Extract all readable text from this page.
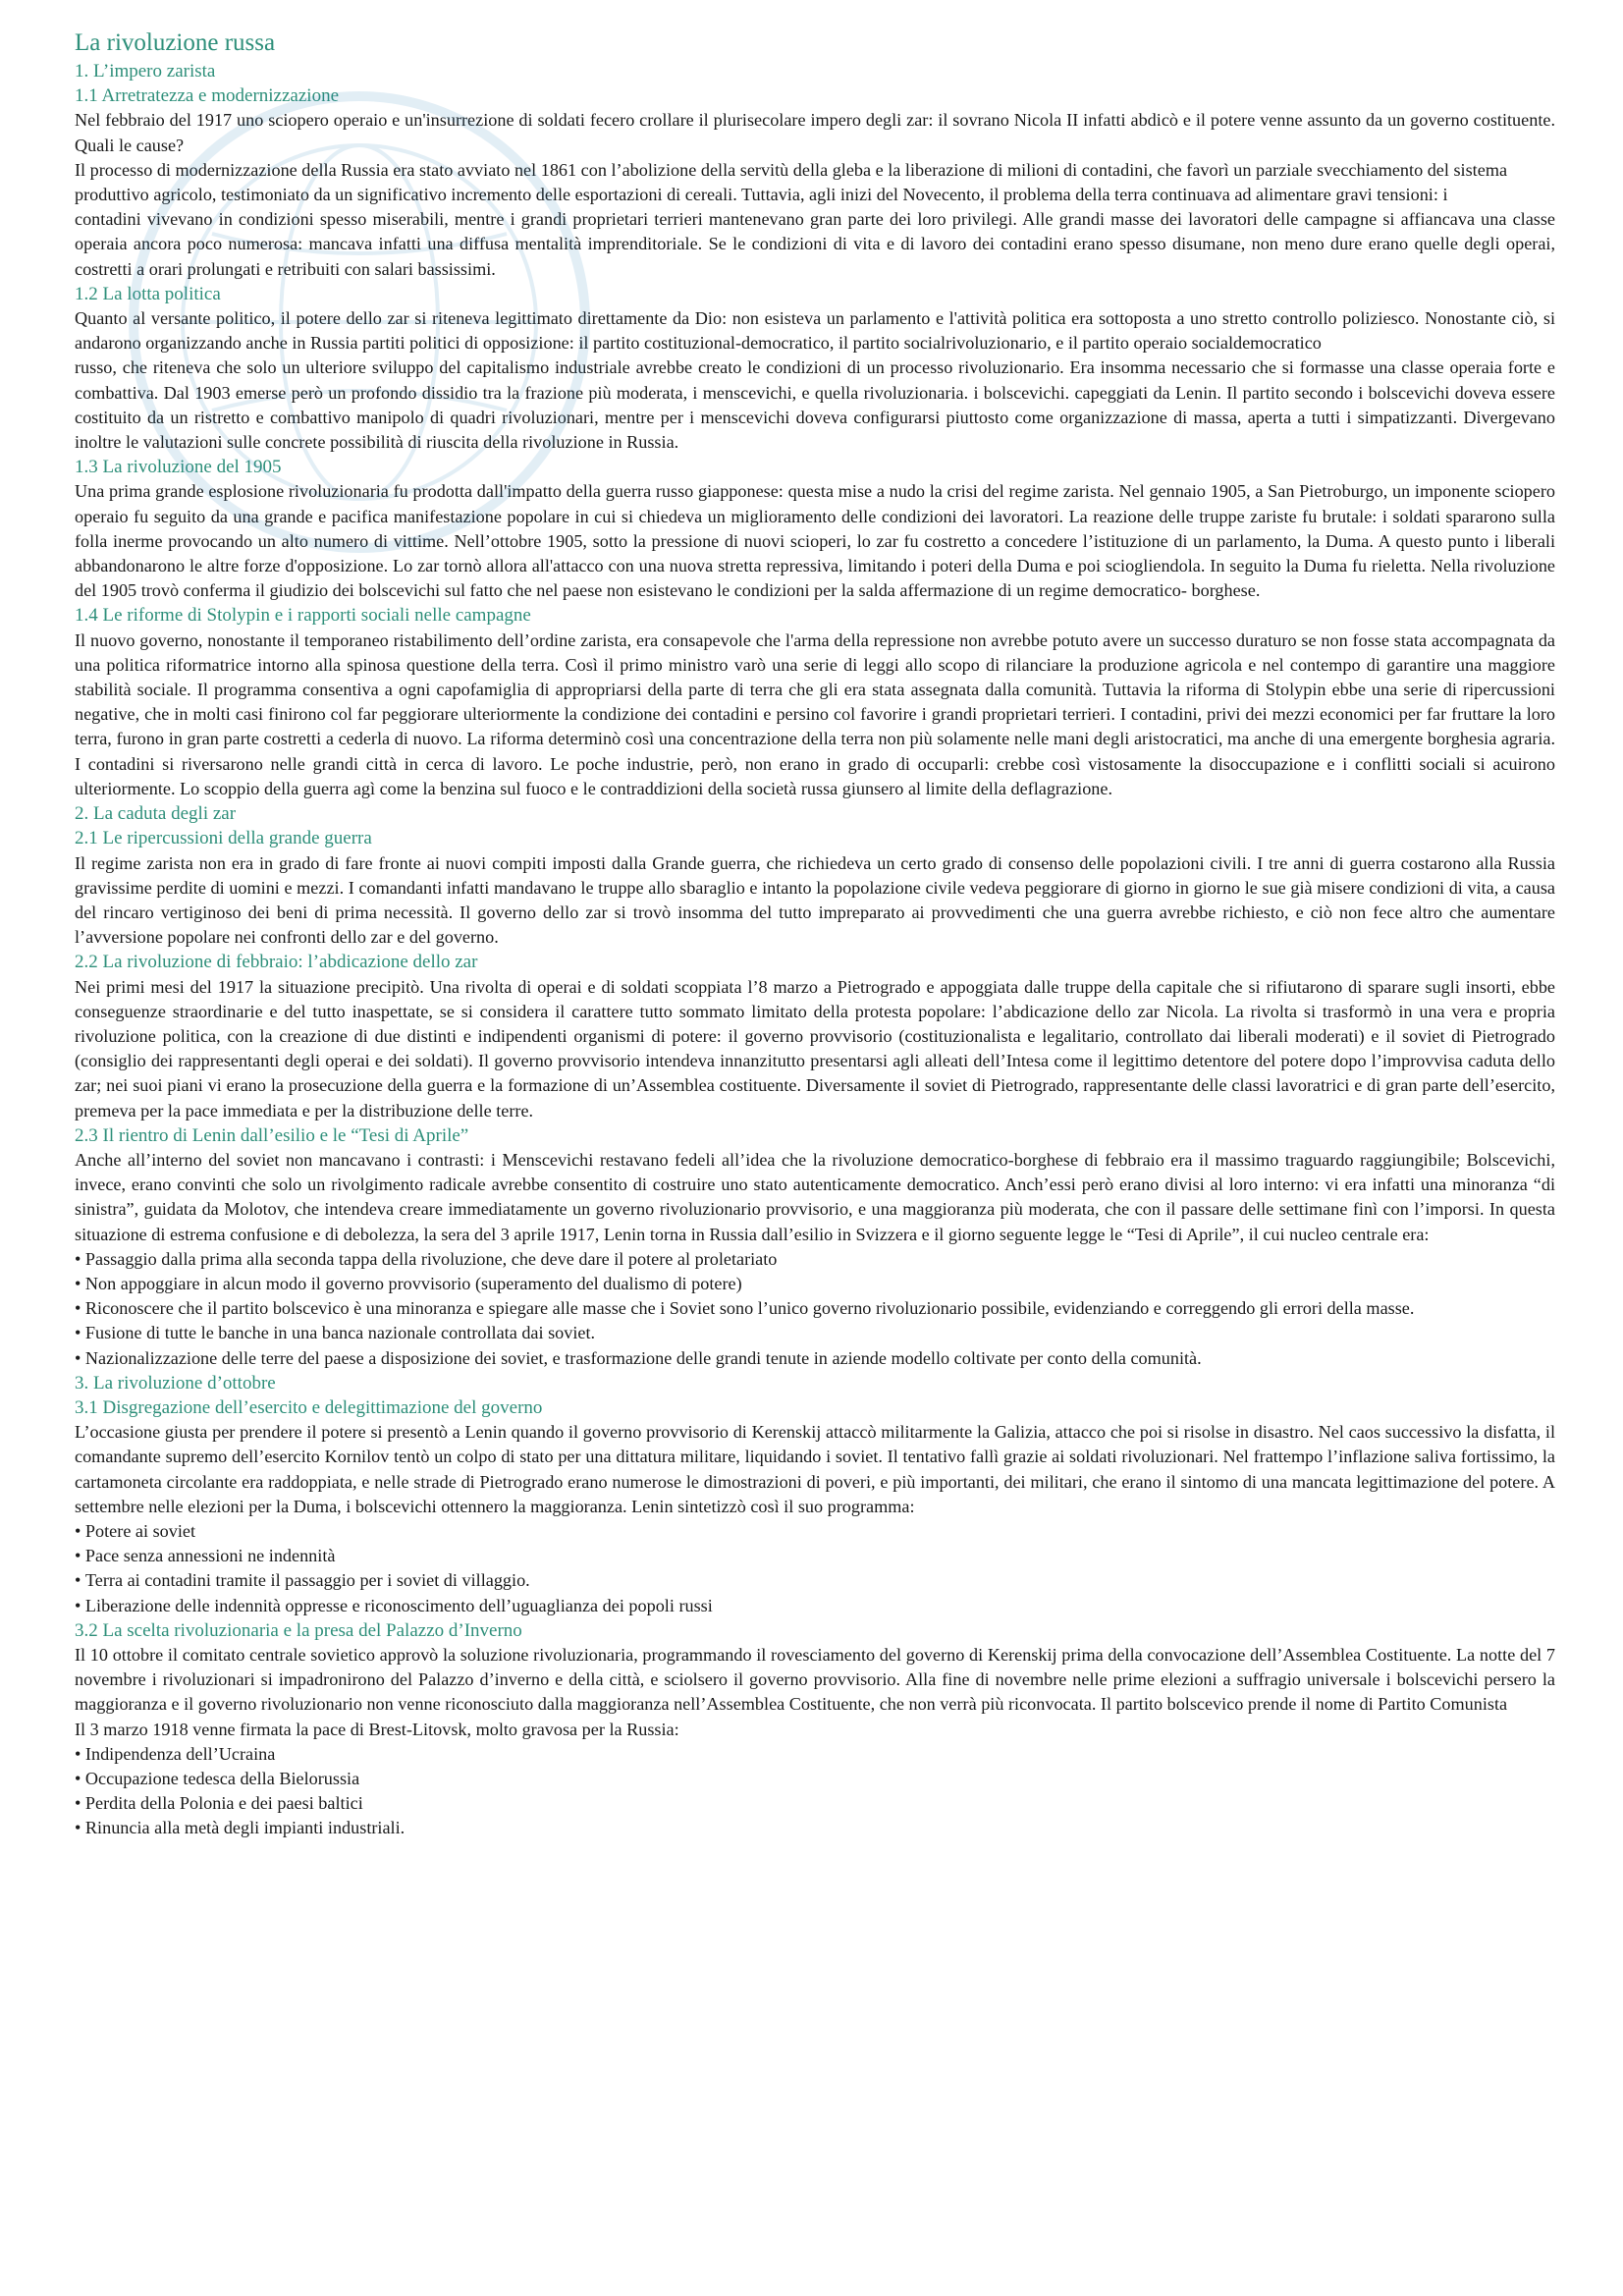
La rivoluzione russa
1. L’impero zarista
1.1 Arretratezza e modernizzazione

Nel febbraio del 1917 uno sciopero operaio e un'insurrezione di soldati fecero crollare il plurisecolare impero degli zar: il sovrano Nicola II infatti abdicò e il potere venne assunto da un governo costituente. Quali le cause?

Il processo di modernizzazione della Russia era stato avviato nel 1861 con l’abolizione della servitù della gleba e la liberazione di milioni di contadini, che favorì un parziale svecchiamento del sistema

produttivo agricolo, testimoniato da un significativo incremento delle esportazioni di cereali. Tuttavia, agli inizi del Novecento, il problema della terra continuava ad alimentare gravi tensioni: i

contadini vivevano in condizioni spesso miserabili, mentre i grandi proprietari terrieri mantenevano gran parte dei loro privilegi. Alle grandi masse dei lavoratori delle campagne si affiancava una classe operaia ancora poco numerosa: mancava infatti una diffusa mentalità imprenditoriale. Se le condizioni di vita e di lavoro dei contadini erano spesso disumane, non meno dure erano quelle degli operai, costretti a orari prolungati e retribuiti con salari bassissimi.

1.2 La lotta politica

Quanto al versante politico, il potere dello zar si riteneva legittimato direttamente da Dio: non esisteva un parlamento e l'attività politica era sottoposta a uno stretto controllo poliziesco. Nonostante ciò, si andarono organizzando anche in Russia partiti politici di opposizione: il partito costituzional-democratico, il partito socialrivoluzionario, e il partito operaio socialdemocratico

russo, che riteneva che solo un ulteriore sviluppo del capitalismo industriale avrebbe creato le condizioni di un processo rivoluzionario. Era insomma necessario che si formasse una classe operaia forte e combattiva. Dal 1903 emerse però un profondo dissidio tra la frazione più moderata, i menscevichi, e quella rivoluzionaria. i bolscevichi. capeggiati da Lenin. Il partito secondo i bolscevichi doveva essere costituito da un ristretto e combattivo manipolo di quadri rivoluzionari, mentre per i menscevichi doveva configurarsi piuttosto come organizzazione di massa, aperta a tutti i simpatizzanti. Divergevano inoltre le valutazioni sulle concrete possibilità di riuscita della rivoluzione in Russia.

1.3 La rivoluzione del 1905

Una prima grande esplosione rivoluzionaria fu prodotta dall'impatto della guerra russo giapponese: questa mise a nudo la crisi del regime zarista. Nel gennaio 1905, a San Pietroburgo, un imponente sciopero operaio fu seguito da una grande e pacifica manifestazione popolare in cui si chiedeva un miglioramento delle condizioni dei lavoratori. La reazione delle truppe zariste fu brutale: i soldati spararono sulla folla inerme provocando un alto numero di vittime. Nell’ottobre 1905, sotto la pressione di nuovi scioperi, lo zar fu costretto a concedere l’istituzione di un parlamento, la Duma. A questo punto i liberali abbandonarono le altre forze d'opposizione. Lo zar tornò allora all'attacco con una nuova stretta repressiva, limitando i poteri della Duma e poi sciogliendola. In seguito la Duma fu rieletta. Nella rivoluzione del 1905 trovò conferma il giudizio dei bolscevichi sul fatto che nel paese non esistevano le condizioni per la salda affermazione di un regime democratico- borghese.

1.4 Le riforme di Stolypin e i rapporti sociali nelle campagne

Il nuovo governo, nonostante il temporaneo ristabilimento dell’ordine zarista, era consapevole che l'arma della repressione non avrebbe potuto avere un successo duraturo se non fosse stata accompagnata da una politica riformatrice intorno alla spinosa questione della terra. Così il primo ministro varò una serie di leggi allo scopo di rilanciare la produzione agricola e nel contempo di garantire una maggiore stabilità sociale. Il programma consentiva a ogni capofamiglia di appropriarsi della parte di terra che gli era stata assegnata dalla comunità. Tuttavia la riforma di Stolypin ebbe una serie di ripercussioni negative, che in molti casi finirono col far peggiorare ulteriormente la condizione dei contadini e persino col favorire i grandi proprietari terrieri. I contadini, privi dei mezzi economici per far fruttare la loro terra, furono in gran parte costretti a cederla di nuovo. La riforma determinò così una concentrazione della terra non più solamente nelle mani degli aristocratici, ma anche di una emergente borghesia agraria. I contadini si riversarono nelle grandi città in cerca di lavoro. Le poche industrie, però, non erano in grado di occuparli: crebbe così vistosamente la disoccupazione e i conflitti sociali si acuirono ulteriormente. Lo scoppio della guerra agì come la benzina sul fuoco e le contraddizioni della società russa giunsero al limite della deflagrazione.

2. La caduta degli zar
2.1 Le ripercussioni della grande guerra

Il regime zarista non era in grado di fare fronte ai nuovi compiti imposti dalla Grande guerra, che richiedeva un certo grado di consenso delle popolazioni civili. I tre anni di guerra costarono alla Russia gravissime perdite di uomini e mezzi. I comandanti infatti mandavano le truppe allo sbaraglio e intanto la popolazione civile vedeva peggiorare di giorno in giorno le sue già misere condizioni di vita, a causa del rincaro vertiginoso dei beni di prima necessità. Il governo dello zar si trovò insomma del tutto impreparato ai provvedimenti che una guerra avrebbe richiesto, e ciò non fece altro che aumentare l’avversione popolare nei confronti dello zar e del governo.

2.2 La rivoluzione di febbraio: l’abdicazione dello zar

Nei primi mesi del 1917 la situazione precipitò. Una rivolta di operai e di soldati scoppiata l’8 marzo a Pietrogrado e appoggiata dalle truppe della capitale che si rifiutarono di sparare sugli insorti, ebbe conseguenze straordinarie e del tutto inaspettate, se si considera il carattere tutto sommato limitato della protesta popolare: l’abdicazione dello zar Nicola. La rivolta si trasformò in una vera e propria rivoluzione politica, con la creazione di due distinti e indipendenti organismi di potere: il governo provvisorio (costituzionalista e legalitario, controllato dai liberali moderati) e il soviet di Pietrogrado (consiglio dei rappresentanti degli operai e dei soldati). Il governo provvisorio intendeva innanzitutto presentarsi agli alleati dell’Intesa come il legittimo detentore del potere dopo l’improvvisa caduta dello zar; nei suoi piani vi erano la prosecuzione della guerra e la formazione di un’Assemblea costituente. Diversamente il soviet di Pietrogrado, rappresentante delle classi lavoratrici e di gran parte dell’esercito, premeva per la pace immediata e per la distribuzione delle terre.

2.3 Il rientro di Lenin dall’esilio e le “Tesi di Aprile”

Anche all’interno del soviet non mancavano i contrasti: i Menscevichi restavano fedeli all’idea che la rivoluzione democratico-borghese di febbraio era il massimo traguardo raggiungibile; Bolscevichi, invece, erano convinti che solo un rivolgimento radicale avrebbe consentito di costruire uno stato autenticamente democratico. Anch’essi però erano divisi al loro interno: vi era infatti una minoranza “di sinistra”, guidata da Molotov, che intendeva creare immediatamente un governo rivoluzionario provvisorio, e una maggioranza più moderata, che con il passare delle settimane finì con l’imporsi. In questa situazione di estrema confusione e di debolezza, la sera del 3 aprile 1917, Lenin torna in Russia dall’esilio in Svizzera e il giorno seguente legge le “Tesi di Aprile”, il cui nucleo centrale era:

• Passaggio dalla prima alla seconda tappa della rivoluzione, che deve dare il potere al proletariato
• Non appoggiare in alcun modo il governo provvisorio (superamento del dualismo di potere)
• Riconoscere che il partito bolscevico è una minoranza e spiegare alle masse che i Soviet sono l’unico governo rivoluzionario possibile, evidenziando e correggendo gli errori della masse.
• Fusione di tutte le banche in una banca nazionale controllata dai soviet.
• Nazionalizzazione delle terre del paese a disposizione dei soviet, e trasformazione delle grandi tenute in aziende modello coltivate per conto della comunità.
3. La rivoluzione d’ottobre
3.1 Disgregazione dell’esercito e delegittimazione del governo

L’occasione giusta per prendere il potere si presentò a Lenin quando il governo provvisorio di Kerenskij attaccò militarmente la Galizia, attacco che poi si risolse in disastro. Nel caos successivo la disfatta, il comandante supremo dell’esercito Kornilov tentò un colpo di stato per una dittatura militare, liquidando i soviet. Il tentativo fallì grazie ai soldati rivoluzionari. Nel frattempo l’inflazione saliva fortissimo, la cartamoneta circolante era raddoppiata, e nelle strade di Pietrogrado erano numerose le dimostrazioni di poveri, e più importanti, dei militari, che erano il sintomo di una mancata legittimazione del potere. A settembre nelle elezioni per la Duma, i bolscevichi ottennero la maggioranza. Lenin sintetizzò così il suo programma:

• Potere ai soviet
• Pace senza annessioni ne indennità
• Terra ai contadini tramite il passaggio per i soviet di villaggio.
• Liberazione delle indennità oppresse e riconoscimento dell’uguaglianza dei popoli russi
3.2 La scelta rivoluzionaria e la presa del Palazzo d’Inverno

Il 10 ottobre il comitato centrale sovietico approvò la soluzione rivoluzionaria, programmando il rovesciamento del governo di Kerenskij prima della convocazione dell’Assemblea Costituente. La notte del 7 novembre i rivoluzionari si impadronirono del Palazzo d’inverno e della città, e sciolsero il governo provvisorio. Alla fine di novembre nelle prime elezioni a suffragio universale i bolscevichi persero la maggioranza e il governo rivoluzionario non venne riconosciuto dalla maggioranza nell’Assemblea Costituente, che non verrà più riconvocata. Il partito bolscevico prende il nome di Partito Comunista

Il 3 marzo 1918 venne firmata la pace di Brest-Litovsk, molto gravosa per la Russia:

• Indipendenza dell’Ucraina
• Occupazione tedesca della Bielorussia
• Perdita della Polonia e dei paesi baltici
• Rinuncia alla metà degli impianti industriali.
